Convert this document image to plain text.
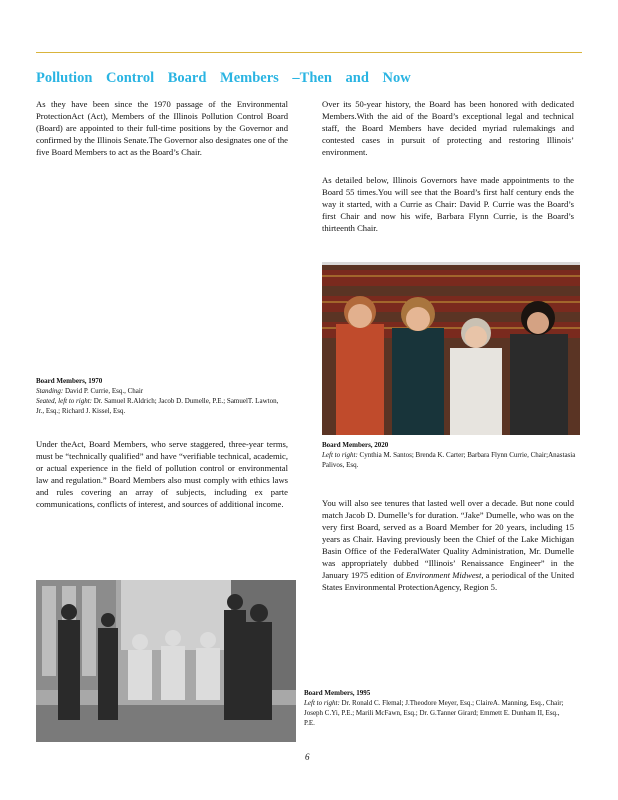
Pollution Control Board Members –Then and Now

As they have been since the 1970 passage of the Environmental ProtectionAct (Act), Members of the Illinois Pollution Control Board (Board) are appointed to their full-time positions by the Governor and confirmed by the Illinois Senate.The Governor also designates one of the five Board Members to act as the Board’s Chair.

Board Members, 1970
Standing: David P. Currie, Esq., Chair
Seated, left to right: Dr. Samuel R.Aldrich; Jacob D. Dumelle, P.E.; SamuelT. Lawton, Jr., Esq.; Richard J. Kissel, Esq.

Under theAct, Board Members, who serve staggered, three-year terms, must be “technically qualified” and have “verifiable technical, academic, or actual experience in the field of pollution control or environmental law and regulation.” Board Members also must comply with ethics laws and rules covering an array of subjects, including ex parte communications, conflicts of interest, and sources of additional income.

Over its 50-year history, the Board has been honored with dedicated Members.With the aid of the Board’s exceptional legal and technical staff, the Board Members have decided myriad rulemakings and contested cases in pursuit of protecting and restoring Illinois’ environment.

As detailed below, Illinois Governors have made appointments to the Board 55 times.You will see that the Board’s first half century ends the way it started, with a Currie as Chair: David P. Currie was the Board’s first Chair and now his wife, Barbara Flynn Currie, is the Board’s thirteenth Chair.

Board Members, 2020
Left to right: Cynthia M. Santos; Brenda K. Carter; Barbara Flynn Currie, Chair;Anastasia Palivos, Esq.

You will also see tenures that lasted well over a decade. But none could match Jacob D. Dumelle’s for duration. “Jake” Dumelle, who was on the very first Board, served as a Board Member for 20 years, including 15 years as Chair. Having previously been the Chief of the Lake Michigan Basin Office of the FederalWater Quality Administration, Mr. Dumelle was appropriately dubbed “Illinois’ Renaissance Engineer” in the January 1975 edition of Environment Midwest, a periodical of the United States Environmental ProtectionAgency, Region 5.

Board Members, 1995
Left to right: Dr. Ronald C. Flemal; J.Theodore Meyer, Esq.; ClaireA. Manning, Esq., Chair; Joseph C.Yi, P.E.; Marili McFawn, Esq.; Dr. G.Tanner Girard; Emmett E. Dunham II, Esq., P.E.
6
